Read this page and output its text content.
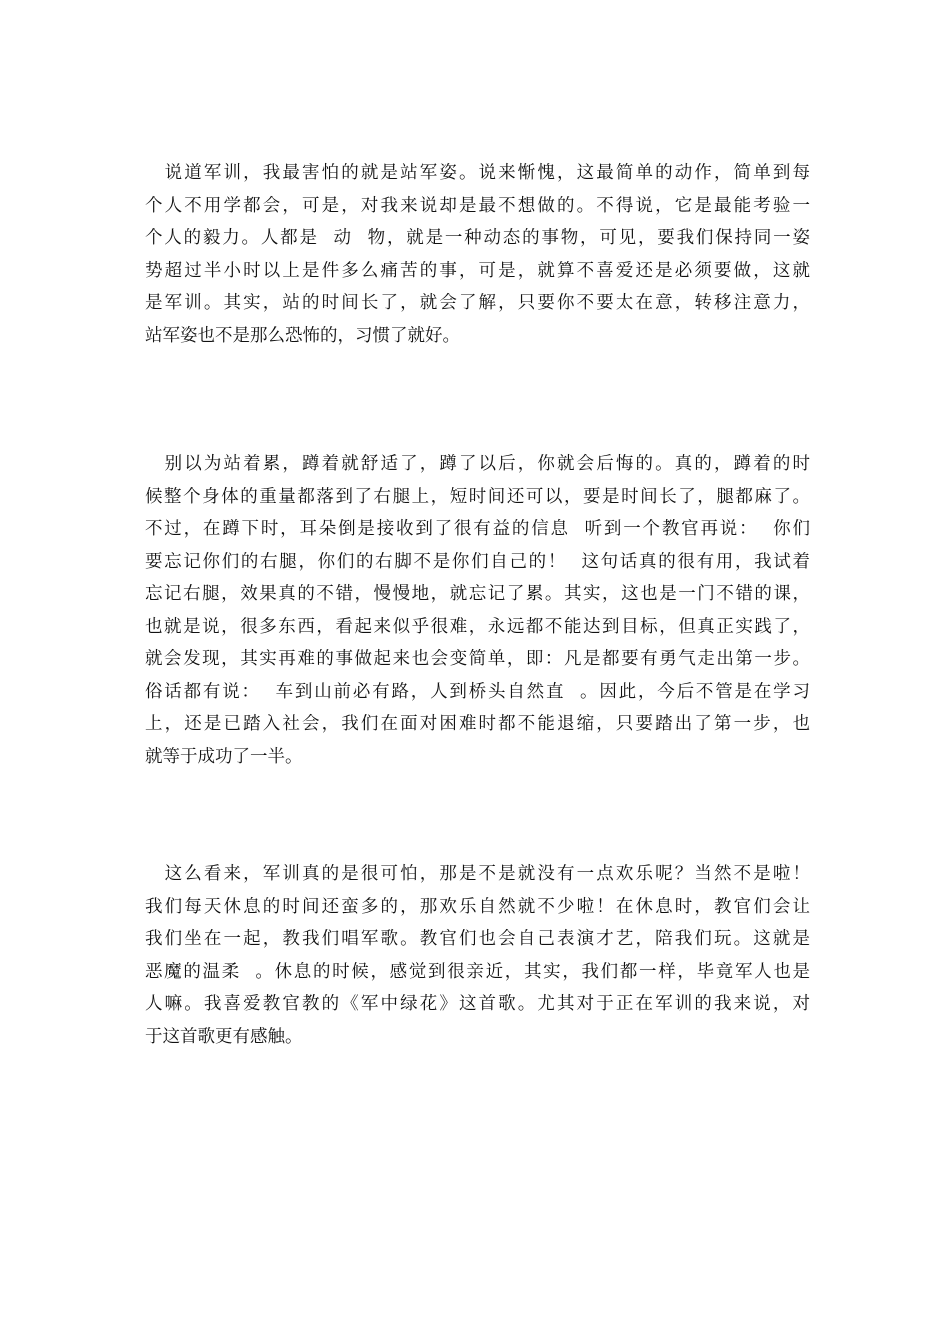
　说道军训，我最害怕的就是站军姿。说来惭愧，这最简单的动作，简单到每
个人不用学都会，可是，对我来说却是最不想做的。不得说，它是最能考验一
个人的毅力。人都是  动  物，就是一种动态的事物，可见，要我们保持同一姿
势超过半小时以上是件多么痛苦的事，可是，就算不喜爱还是必须要做，这就
是军训。其实，站的时间长了，就会了解，只要你不要太在意，转移注意力，
站军姿也不是那么恐怖的，习惯了就好。
　别以为站着累，蹲着就舒适了，蹲了以后，你就会后悔的。真的，蹲着的时
候整个身体的重量都落到了右腿上，短时间还可以，要是时间长了，腿都麻了。
不过，在蹲下时，耳朵倒是接收到了很有益的信息  听到一个教官再说：  你们
要忘记你们的右腿，你们的右脚不是你们自己的！  这句话真的很有用，我试着
忘记右腿，效果真的不错，慢慢地，就忘记了累。其实，这也是一门不错的课，
也就是说，很多东西，看起来似乎很难，永远都不能达到目标，但真正实践了，
就会发现，其实再难的事做起来也会变简单，即：凡是都要有勇气走出第一步。
俗话都有说：  车到山前必有路，人到桥头自然直  。因此，今后不管是在学习
上，还是已踏入社会，我们在面对困难时都不能退缩，只要踏出了第一步，也
就等于成功了一半。
　这么看来，军训真的是很可怕，那是不是就没有一点欢乐呢？当然不是啦！
我们每天休息的时间还蛮多的，那欢乐自然就不少啦！在休息时，教官们会让
我们坐在一起，教我们唱军歌。教官们也会自己表演才艺，陪我们玩。这就是
恶魔的温柔  。休息的时候，感觉到很亲近，其实，我们都一样，毕竟军人也是
人嘛。我喜爱教官教的《军中绿花》这首歌。尤其对于正在军训的我来说，对
于这首歌更有感触。
